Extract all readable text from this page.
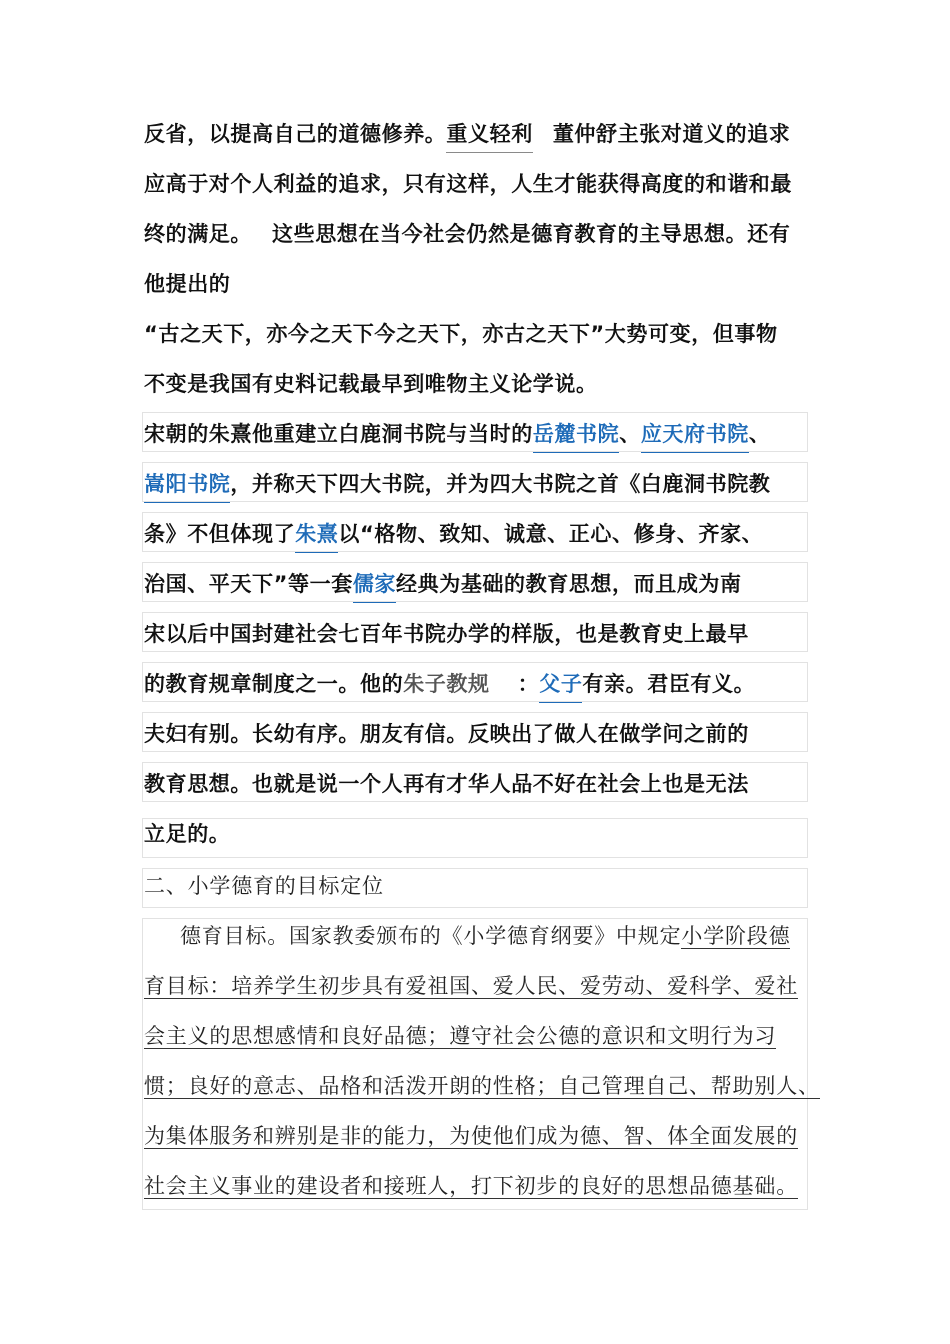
反省，以提高自己的道德修养。重义轻利 董仲舒主张对道义的追求
应高于对个人利益的追求，只有这样，人生才能获得高度的和谐和最
终的满足。 这些思想在当今社会仍然是德育教育的主导思想。还有
他提出的
“古之天下，亦今之天下今之天下，亦古之天下”大势可变，但事物
不变是我国有史料记载最早到唯物主义论学说。
宋朝的朱熹他重建立白鹿洞书院与当时的岳麓书院、应天府书院、
嵩阳书院，并称天下四大书院，并为四大书院之首《白鹿洞书院教
条》不但体现了朱熹以“格物、致知、诚意、正心、修身、齐家、
治国、平天下”等一套儒家经典为基础的教育思想，而且成为南
宋以后中国封建社会七百年书院办学的样版，也是教育史上最早
的教育规章制度之一。他的朱子教规 ：父子有亲。君臣有义。
夫妇有别。长幼有序。朋友有信。反映出了做人在做学问之前的
教育思想。也就是说一个人再有才华人品不好在社会上也是无法
立足的。
二、小学德育的目标定位
德育目标。国家教委颁布的《小学德育纲要》中规定小学阶段德
育目标：培养学生初步具有爱祖国、爱人民、爱劳动、爱科学、爱社
会主义的思想感情和良好品德；遵守社会公德的意识和文明行为习
惯；良好的意志、品格和活泼开朗的性格；自己管理自己、帮助别人、
为集体服务和辨别是非的能力，为使他们成为德、智、体全面发展的
社会主义事业的建设者和接班人，打下初步的良好的思想品德基础。
